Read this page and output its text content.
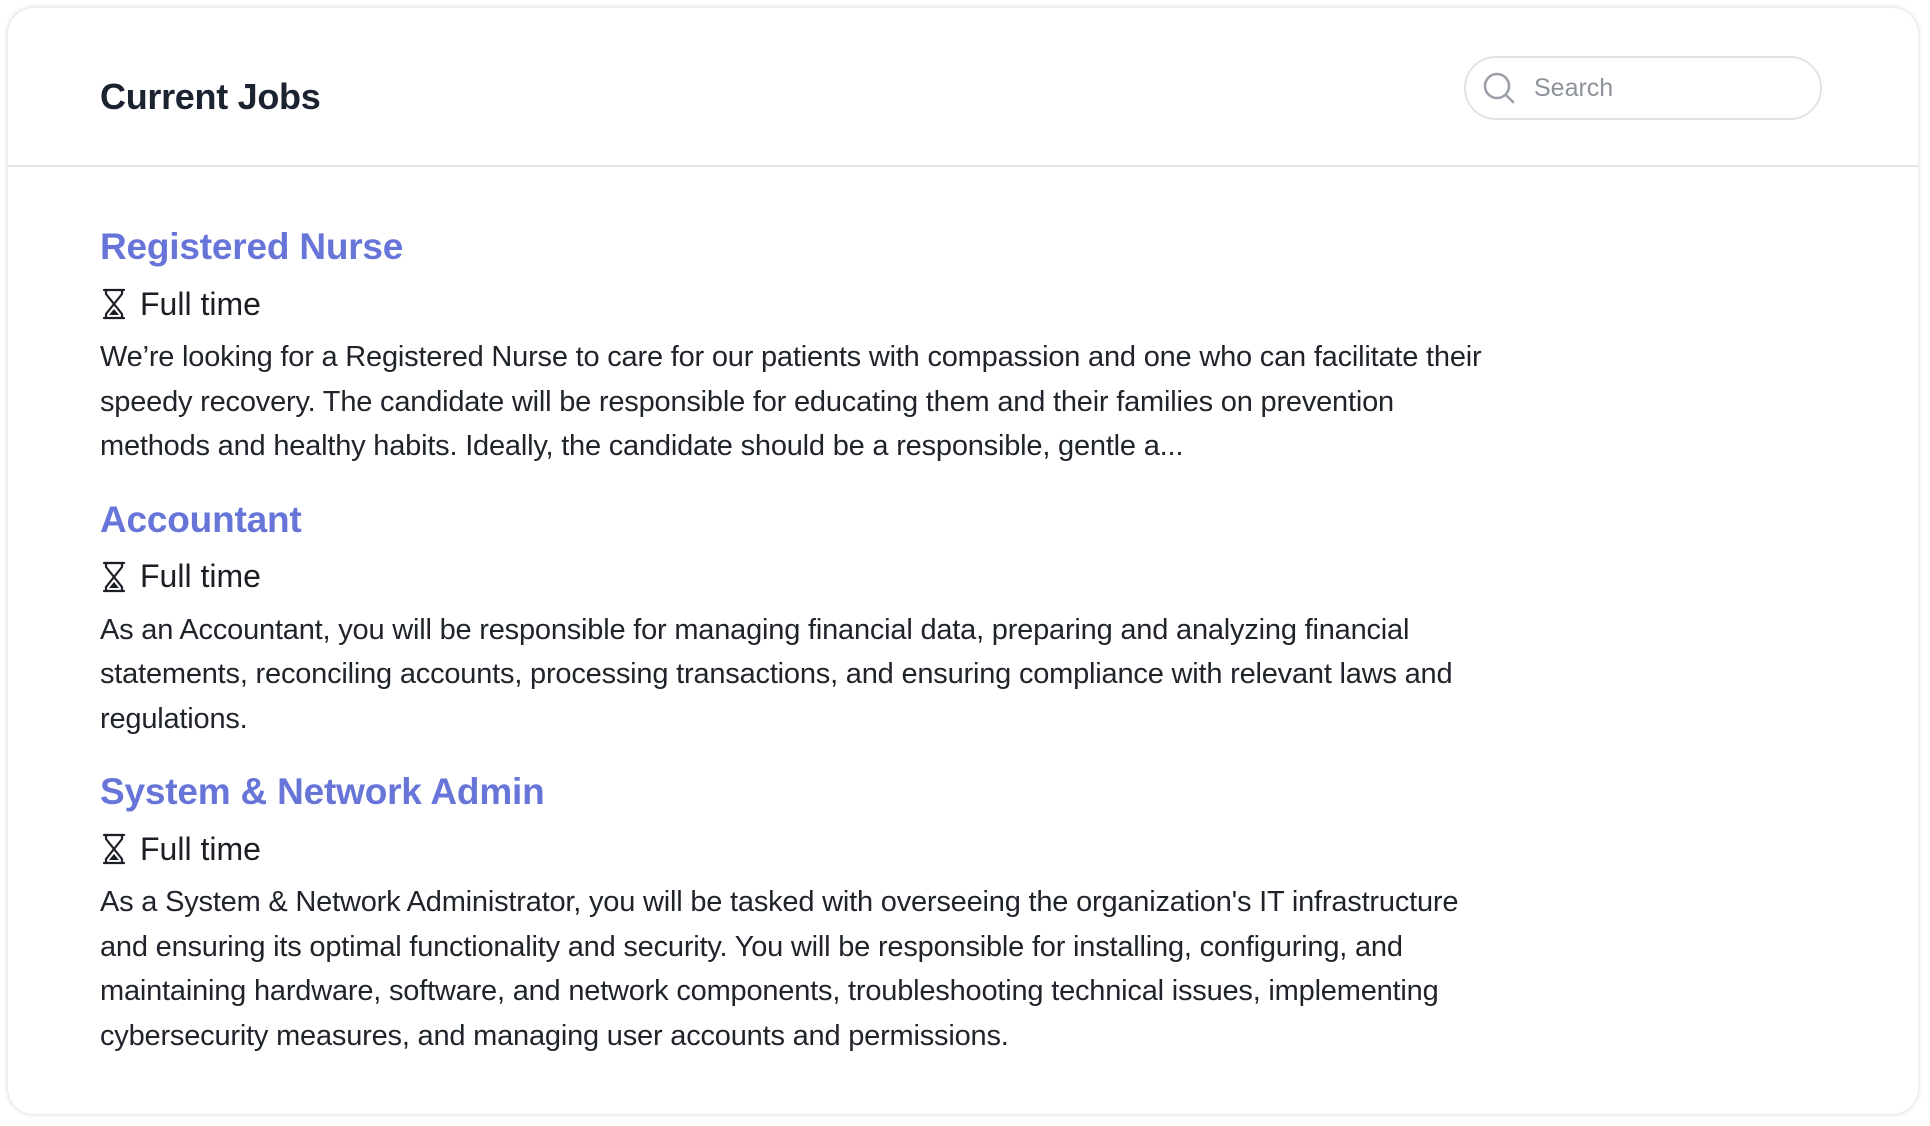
Current Jobs
Search
Registered Nurse
Full time
We’re looking for a Registered Nurse to care for our patients with compassion and one who can facilitate their speedy recovery. The candidate will be responsible for educating them and their families on prevention methods and healthy habits. Ideally, the candidate should be a responsible, gentle a...
Accountant
Full time
As an Accountant, you will be responsible for managing financial data, preparing and analyzing financial statements, reconciling accounts, processing transactions, and ensuring compliance with relevant laws and regulations.
System & Network Admin
Full time
As a System & Network Administrator, you will be tasked with overseeing the organization's IT infrastructure and ensuring its optimal functionality and security. You will be responsible for installing, configuring, and maintaining hardware, software, and network components, troubleshooting technical issues, implementing cybersecurity measures, and managing user accounts and permissions.
